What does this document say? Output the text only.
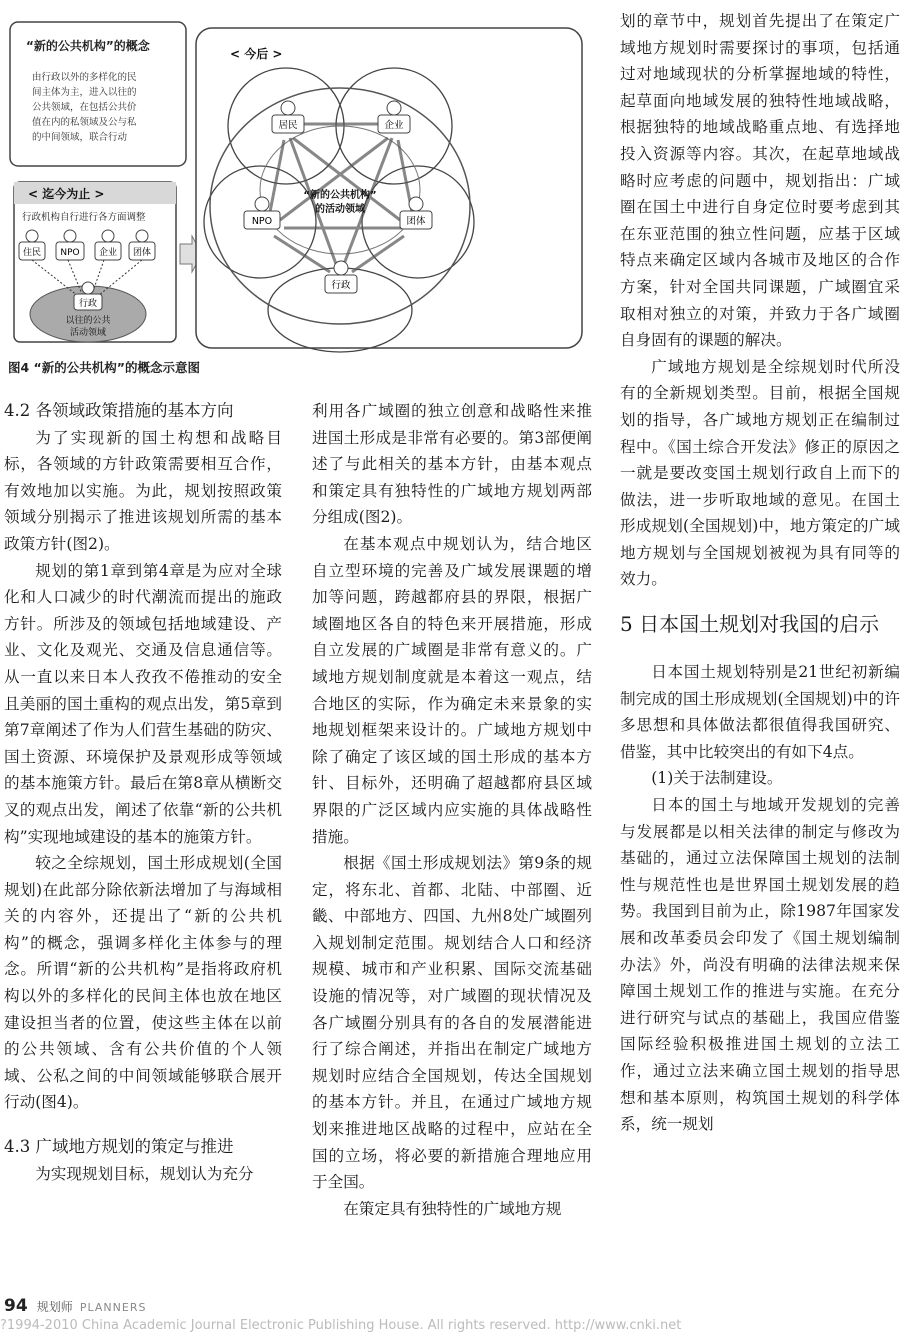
“新的公共机构”的概念
由行政以外的多样化的民
间主体为主，进入以往的
公共领域，在包括公共价
值在内的私领域及公与私
的中间领域，联合行动
< 迄今为止 >
行政机构自行进行各方面调整
住民 NPO 企业 团体
行政
以往的公共
活动领域
< 今后 >
居民	企业
NPO	团体
行政
“新的公共机构”
的活动领域
图4 “新的公共机构”的概念示意图
4.2 各领域政策措施的基本方向

为了实现新的国土构想和战略目标，各领域的方针政策需要相互合作，有效地加以实施。为此，规划按照政策领域分别揭示了推进该规划所需的基本政策方针(图2)。

规划的第1章到第4章是为应对全球化和人口减少的时代潮流而提出的施政方针。所涉及的领域包括地域建设、产业、文化及观光、交通及信息通信等。从一直以来日本人孜孜不倦推动的安全且美丽的国土重构的观点出发，第5章到第7章阐述了作为人们营生基础的防灾、国土资源、环境保护及景观形成等领域的基本施策方针。最后在第8章从横断交叉的观点出发，阐述了依靠“新的公共机构”实现地域建设的基本的施策方针。

较之全综规划，国土形成规划(全国规划)在此部分除依新法增加了与海域相关的内容外，还提出了“新的公共机构”的概念，强调多样化主体参与的理念。所谓“新的公共机构”是指将政府机构以外的多样化的民间主体也放在地区建设担当者的位置，使这些主体在以前的公共领域、含有公共价值的个人领域、公私之间的中间领域能够联合展开行动(图4)。

4.3 广域地方规划的策定与推进

为实现规划目标，规划认为充分

利用各广域圈的独立创意和战略性来推进国土形成是非常有必要的。第3部便阐述了与此相关的基本方针，由基本观点和策定具有独特性的广域地方规划两部分组成(图2)。

在基本观点中规划认为，结合地区自立型环境的完善及广域发展课题的增加等问题，跨越都府县的界限，根据广域圈地区各自的特色来开展措施，形成自立发展的广域圈是非常有意义的。广域地方规划制度就是本着这一观点，结合地区的实际，作为确定未来景象的实地规划框架来设计的。广域地方规划中除了确定了该区域的国土形成的基本方针、目标外，还明确了超越都府县区域界限的广泛区域内应实施的具体战略性措施。

根据《国土形成规划法》第9条的规定，将东北、首都、北陆、中部圈、近畿、中部地方、四国、九州8处广域圈列入规划制定范围。规划结合人口和经济规模、城市和产业积累、国际交流基础设施的情况等，对广域圈的现状情况及各广域圈分别具有的各自的发展潜能进行了综合阐述，并指出在制定广域地方规划时应结合全国规划，传达全国规划的基本方针。并且，在通过广域地方规划来推进地区战略的过程中，应站在全国的立场，将必要的新措施合理地应用于全国。

在策定具有独特性的广域地方规

划的章节中，规划首先提出了在策定广域地方规划时需要探讨的事项，包括通过对地域现状的分析掌握地域的特性，起草面向地域发展的独特性地域战略，根据独特的地域战略重点地、有选择地投入资源等内容。其次，在起草地域战略时应考虑的问题中，规划指出：广域圈在国土中进行自身定位时要考虑到其在东亚范围的独立性问题，应基于区域特点来确定区域内各城市及地区的合作方案，针对全国共同课题，广域圈宜采取相对独立的对策，并致力于各广域圈自身固有的课题的解决。

广域地方规划是全综规划时代所没有的全新规划类型。目前，根据全国规划的指导，各广域地方规划正在编制过程中。《国土综合开发法》修正的原因之一就是要改变国土规划行政自上而下的做法，进一步听取地域的意见。在国土形成规划(全国规划)中，地方策定的广域地方规划与全国规划被视为具有同等的效力。

5 日本国土规划对我国的启示

日本国土规划特别是21世纪初新编制完成的国土形成规划(全国规划)中的许多思想和具体做法都很值得我国研究、借鉴，其中比较突出的有如下4点。

(1)关于法制建设。

日本的国土与地域开发规划的完善与发展都是以相关法律的制定与修改为基础的，通过立法保障国土规划的法制性与规范性也是世界国土规划发展的趋势。我国到目前为止，除1987年国家发展和改革委员会印发了《国土规划编制办法》外，尚没有明确的法律法规来保障国土规划工作的推进与实施。在充分进行研究与试点的基础上，我国应借鉴国际经验积极推进国土规划的立法工作，通过立法来确立国土规划的指导思想和基本原则，构筑国土规划的科学体系，统一规划

94 规划师 PLANNERS
?1994-2010 China Academic Journal Electronic Publishing House. All rights reserved. http://www.cnki.net
